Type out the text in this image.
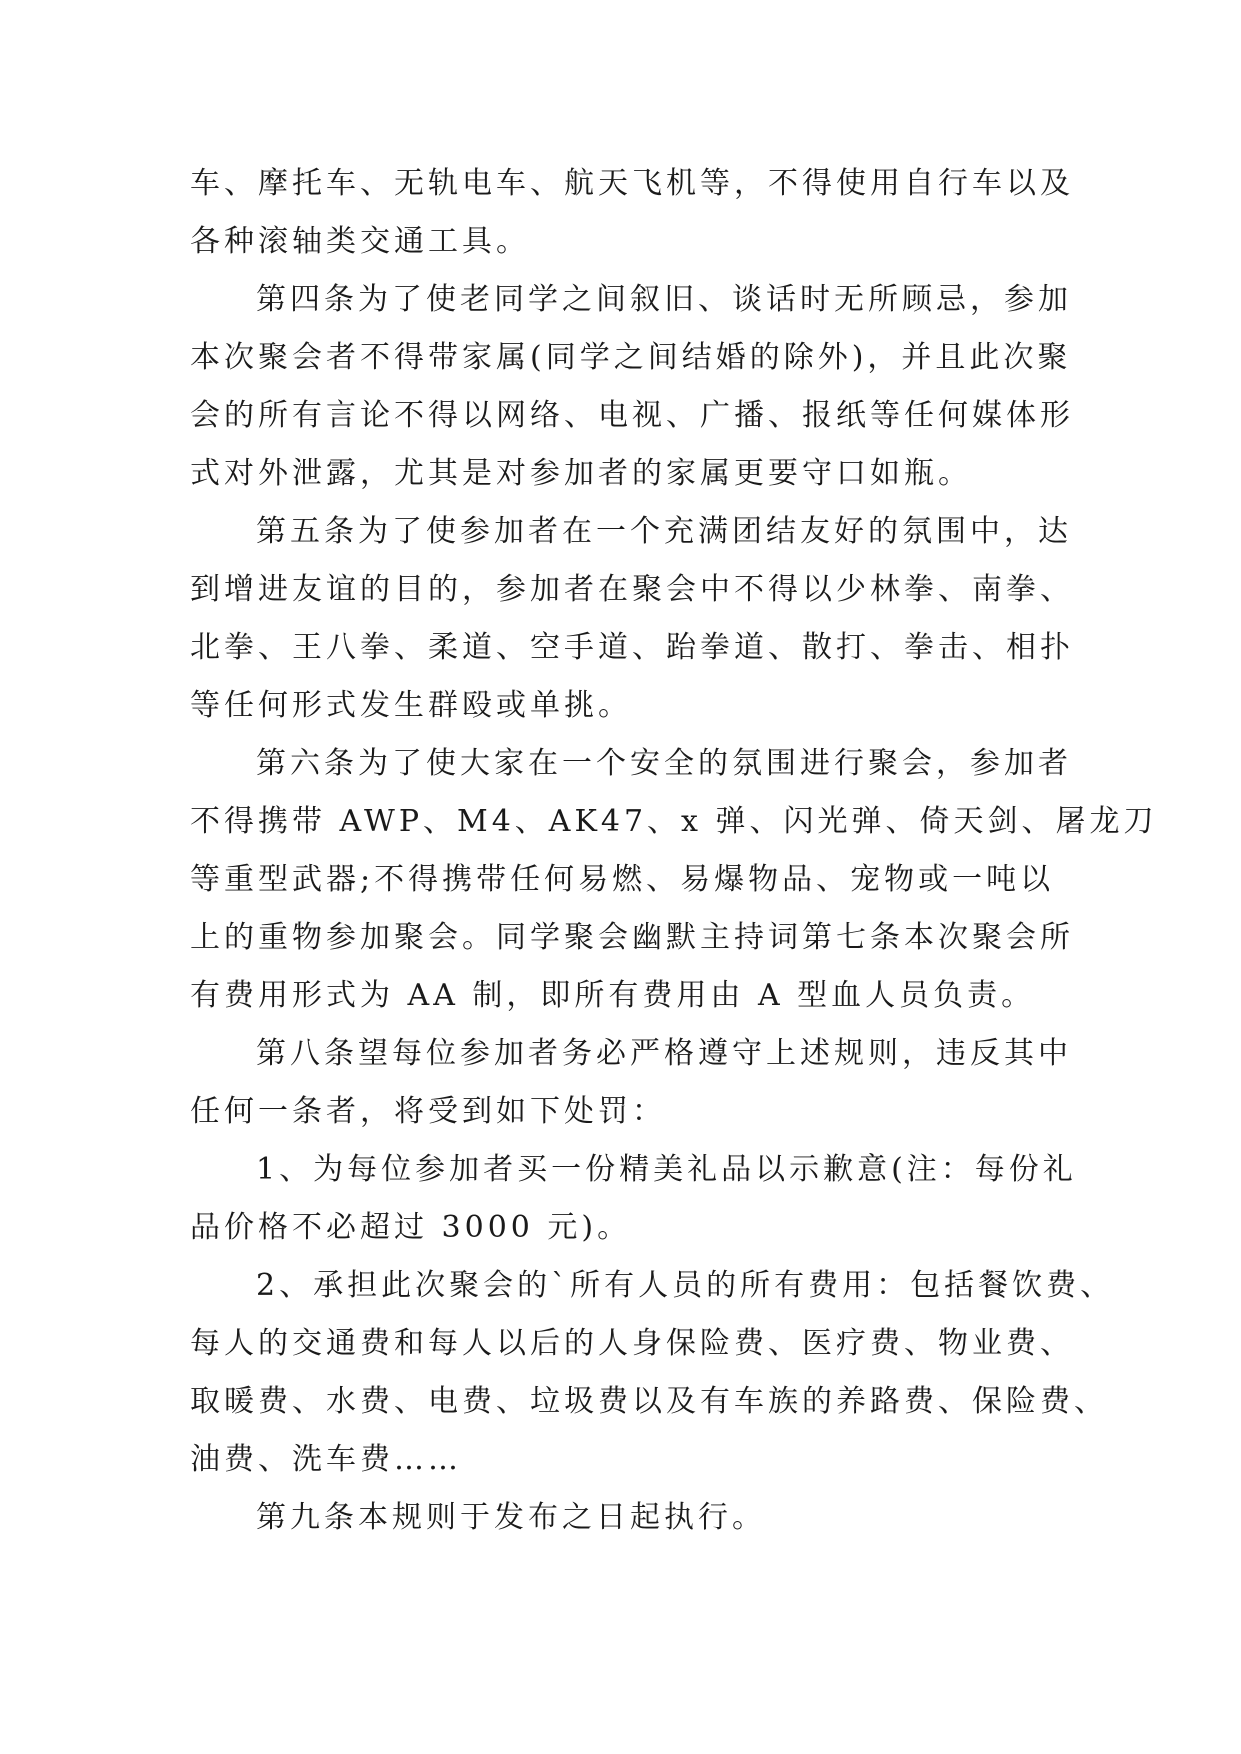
车、摩托车、无轨电车、航天飞机等，不得使用自行车以及
各种滚轴类交通工具。
第四条为了使老同学之间叙旧、谈话时无所顾忌，参加
本次聚会者不得带家属(同学之间结婚的除外)，并且此次聚
会的所有言论不得以网络、电视、广播、报纸等任何媒体形
式对外泄露，尤其是对参加者的家属更要守口如瓶。
第五条为了使参加者在一个充满团结友好的氛围中，达
到增进友谊的目的，参加者在聚会中不得以少林拳、南拳、
北拳、王八拳、柔道、空手道、跆拳道、散打、拳击、相扑
等任何形式发生群殴或单挑。
第六条为了使大家在一个安全的氛围进行聚会，参加者
不得携带 AWP、M4、AK47、x 弹、闪光弹、倚天剑、屠龙刀
等重型武器;不得携带任何易燃、易爆物品、宠物或一吨以
上的重物参加聚会。同学聚会幽默主持词第七条本次聚会所
有费用形式为 AA 制，即所有费用由 A 型血人员负责。
第八条望每位参加者务必严格遵守上述规则，违反其中
任何一条者，将受到如下处罚：
1、为每位参加者买一份精美礼品以示歉意(注：每份礼
品价格不必超过 3000 元)。
2、承担此次聚会的`所有人员的所有费用：包括餐饮费、
每人的交通费和每人以后的人身保险费、医疗费、物业费、
取暖费、水费、电费、垃圾费以及有车族的养路费、保险费、
油费、洗车费……
第九条本规则于发布之日起执行。
